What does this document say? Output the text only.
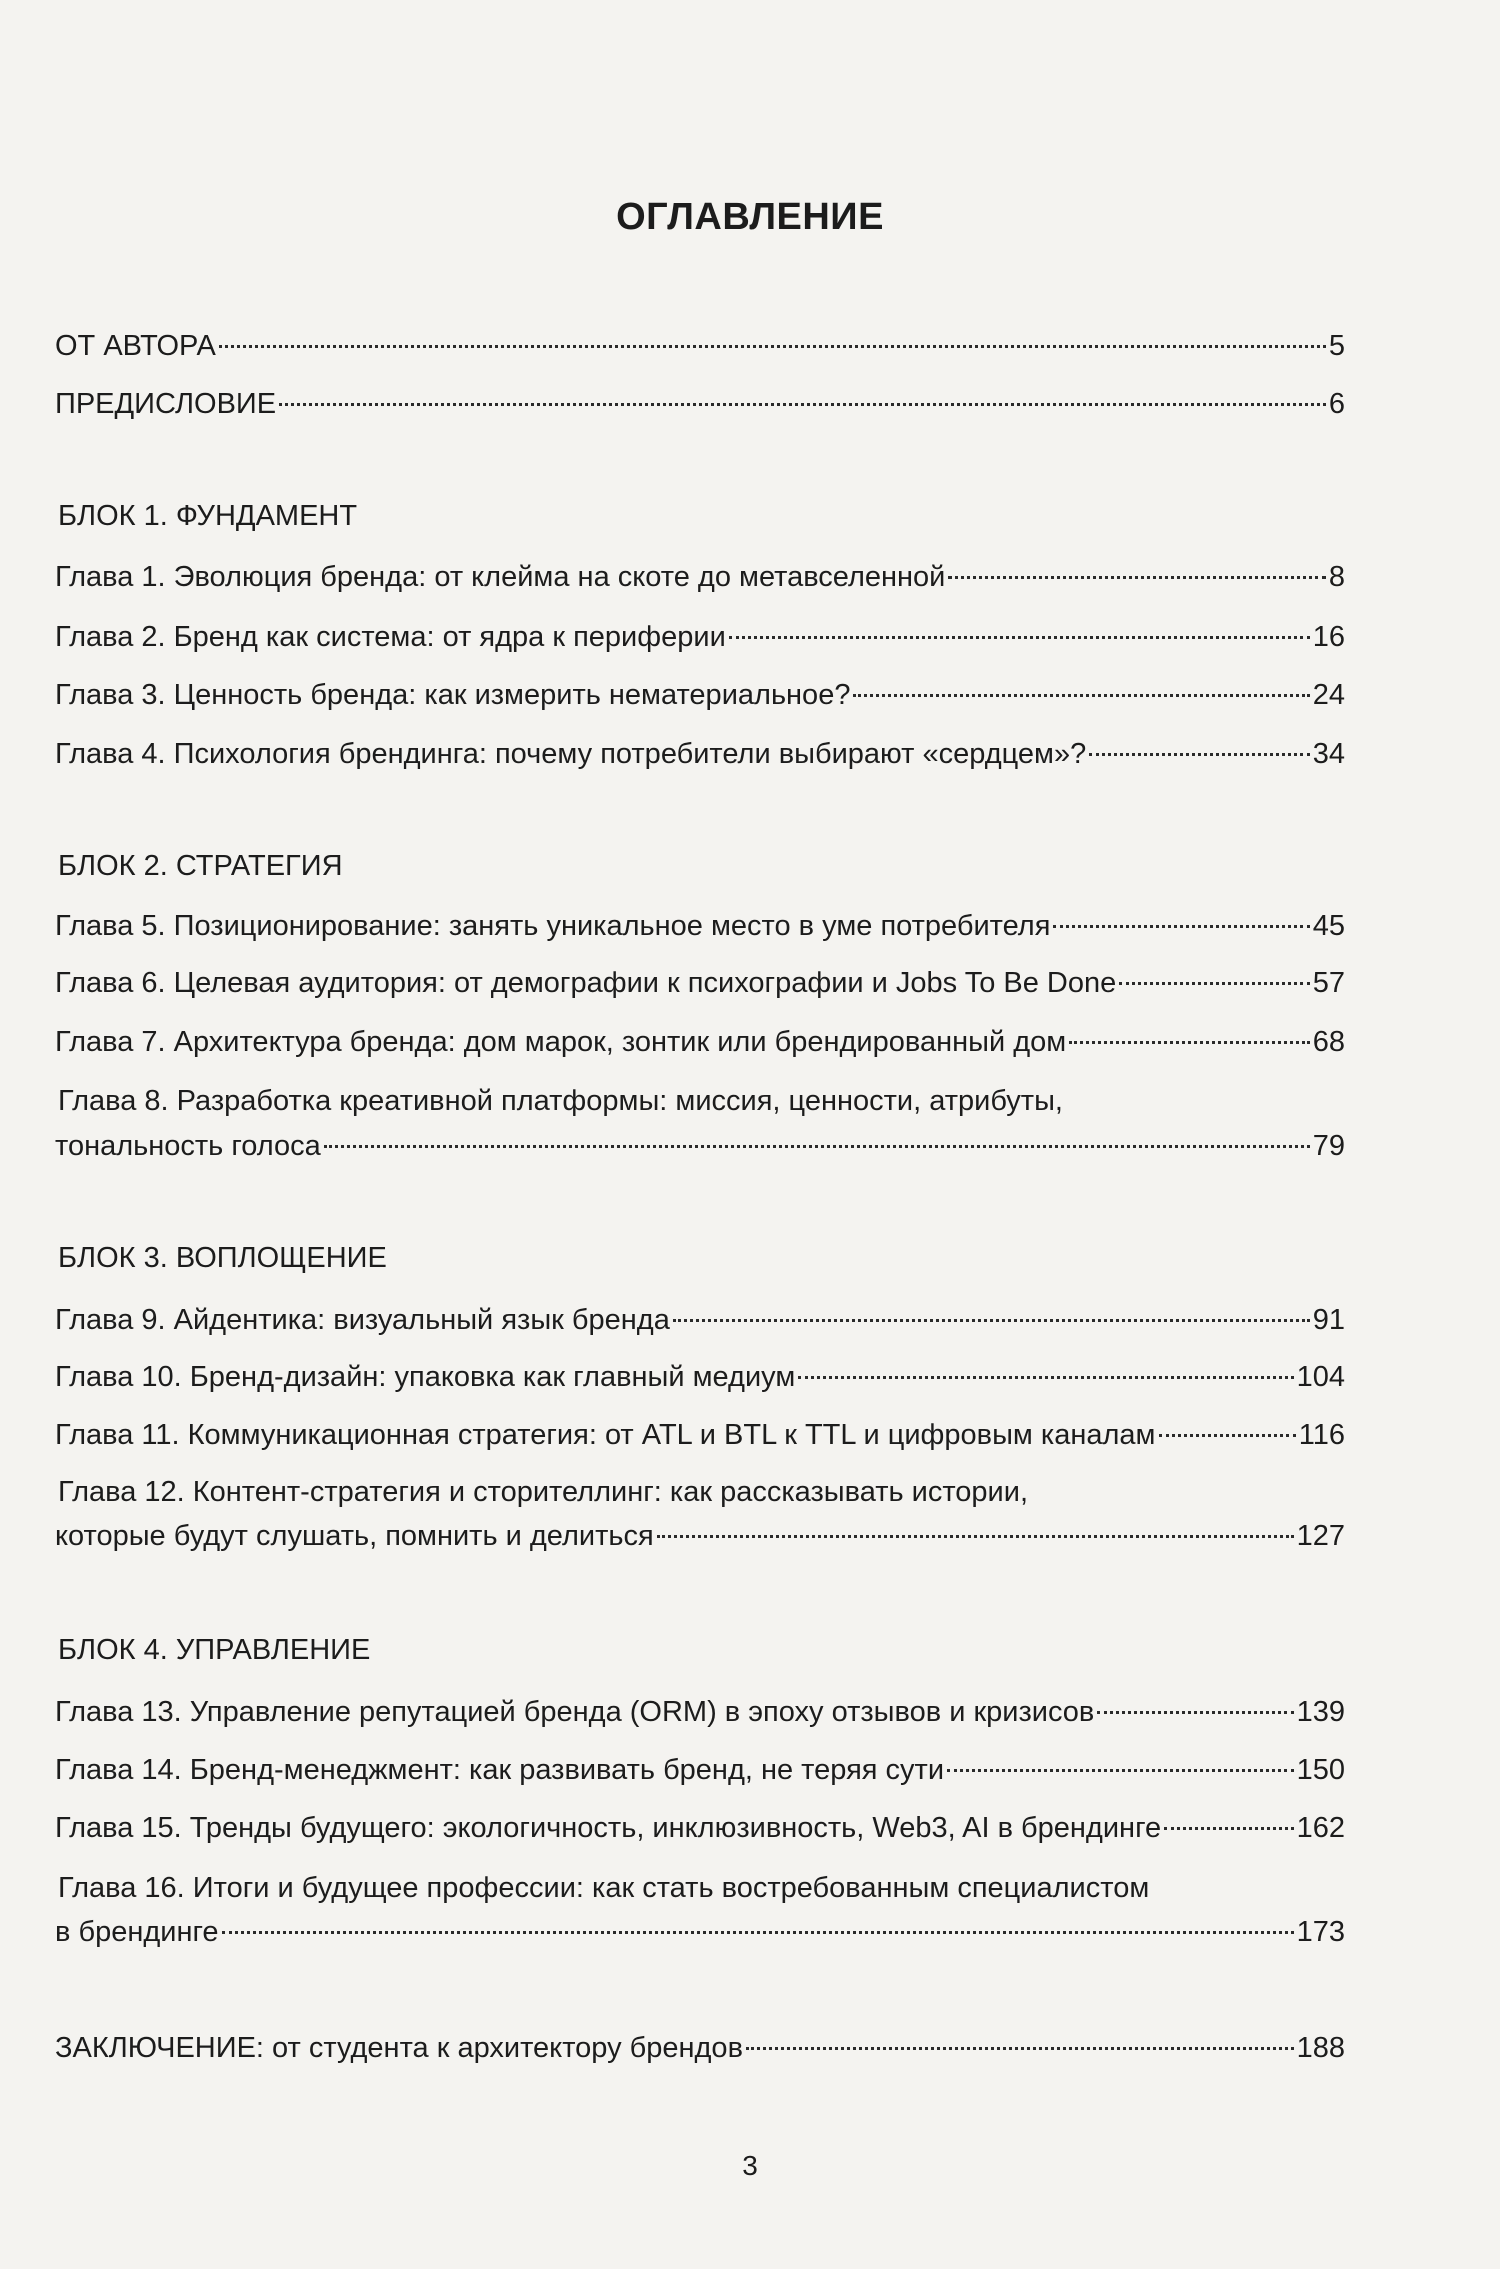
ОГЛАВЛЕНИЕ
ОТ АВТОРА	5
ПРЕДИСЛОВИЕ	6
БЛОК 1. ФУНДАМЕНТ
Глава 1. Эволюция бренда: от клейма на скоте до метавселенной	8
Глава 2. Бренд как система: от ядра к периферии	16
Глава 3. Ценность бренда: как измерить нематериальное?	24
Глава 4. Психология брендинга: почему потребители выбирают «сердцем»?	34
БЛОК 2. СТРАТЕГИЯ
Глава 5. Позиционирование: занять уникальное место в уме потребителя	45
Глава 6. Целевая аудитория: от демографии к психографии и Jobs To Be Done	57
Глава 7. Архитектура бренда: дом марок, зонтик или брендированный дом	68
Глава 8. Разработка креативной платформы: миссия, ценности, атрибуты,
тональность голоса	79
БЛОК 3. ВОПЛОЩЕНИЕ
Глава 9. Айдентика: визуальный язык бренда	91
Глава 10. Бренд-дизайн: упаковка как главный медиум	104
Глава 11. Коммуникационная стратегия: от ATL и BTL к TTL и цифровым каналам	116
Глава 12. Контент-стратегия и сторителлинг: как рассказывать истории,
которые будут слушать, помнить и делиться	127
БЛОК 4. УПРАВЛЕНИЕ
Глава 13. Управление репутацией бренда (ORM) в эпоху отзывов и кризисов	139
Глава 14. Бренд-менеджмент: как развивать бренд, не теряя сути	150
Глава 15. Тренды будущего: экологичность, инклюзивность, Web3, AI в брендинге	162
Глава 16. Итоги и будущее профессии: как стать востребованным специалистом
в брендинге	173
ЗАКЛЮЧЕНИЕ: от студента к архитектору брендов	188
3
